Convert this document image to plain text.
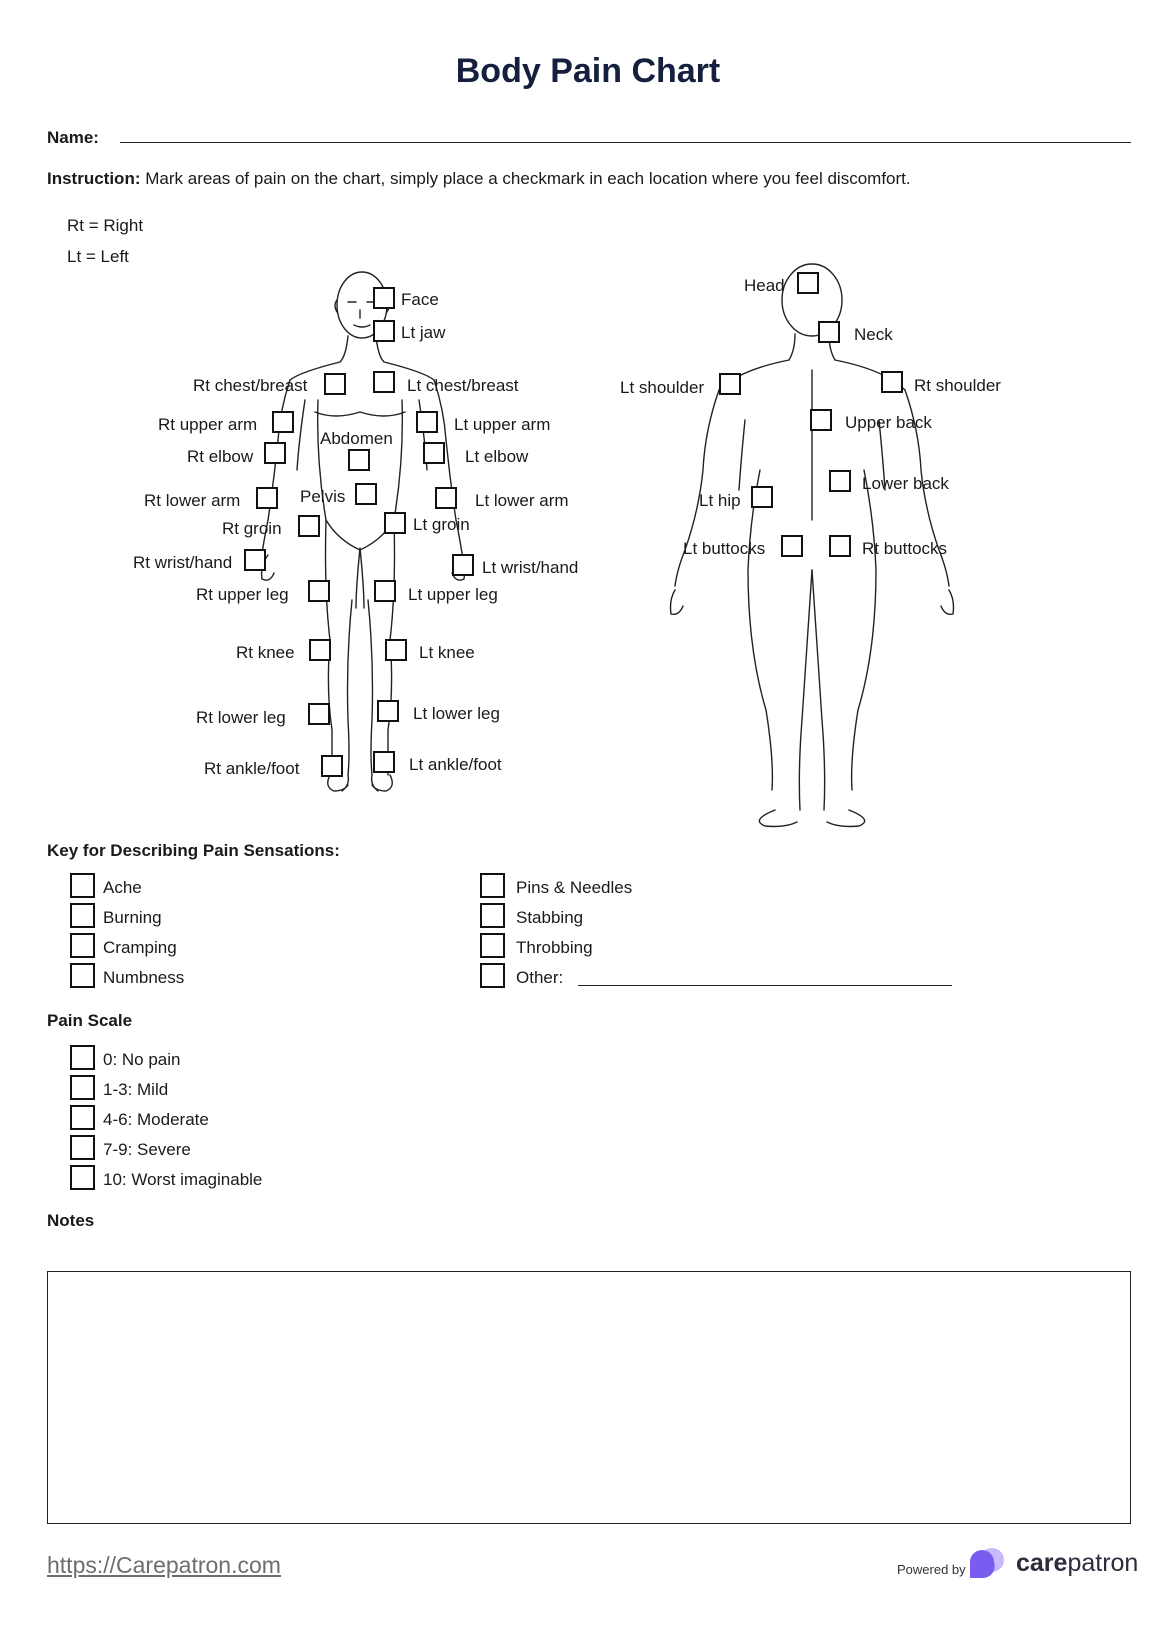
Body Pain Chart
Name:
Instruction: Mark areas of pain on the chart, simply place a checkmark in each location where you feel discomfort.
Rt = Right
Lt = Left
Face
Lt jaw
Rt chest/breast	Lt chest/breast
Rt upper arm	Lt upper arm
Abdomen
Rt elbow	Lt elbow
Rt lower arm	Pelvis	Lt lower arm
Rt groin	Lt groin
Rt wrist/hand	Lt wrist/hand
Rt upper leg	Lt upper leg
Rt knee	Lt knee
Rt lower leg	Lt lower leg
Rt ankle/foot	Lt ankle/foot
Head
Neck
Lt shoulder	Rt shoulder
Upper back
Lower back
Lt hip
Lt buttocks	Rt buttocks
Key for Describing Pain Sensations:
Ache
Burning
Cramping
Numbness
Pins & Needles
Stabbing
Throbbing
Other:
Pain Scale
0: No pain
1-3: Mild
4-6: Moderate
7-9: Severe
10: Worst imaginable
Notes
https://Carepatron.com	Powered by carepatron
